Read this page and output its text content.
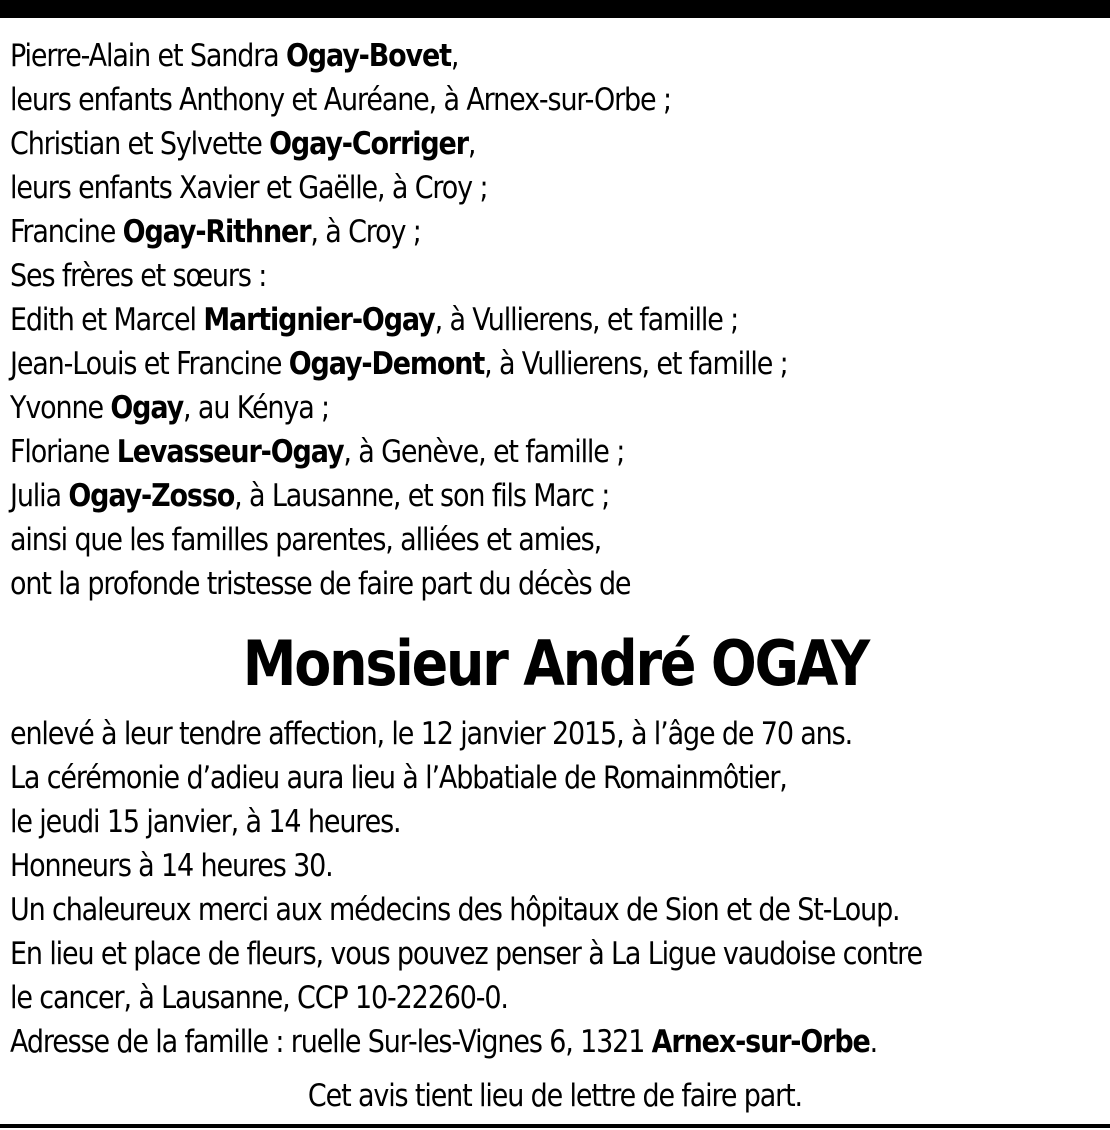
Pierre-Alain et Sandra Ogay-Bovet,
leurs enfants Anthony et Auréane, à Arnex-sur-Orbe ;
Christian et Sylvette Ogay-Corriger,
leurs enfants Xavier et Gaëlle, à Croy ;
Francine Ogay-Rithner, à Croy ;
Ses frères et sœurs :
Edith et Marcel Martignier-Ogay, à Vullierens, et famille ;
Jean-Louis et Francine Ogay-Demont, à Vullierens, et famille ;
Yvonne Ogay, au Kénya ;
Floriane Levasseur-Ogay, à Genève, et famille ;
Julia Ogay-Zosso, à Lausanne, et son fils Marc ;
ainsi que les familles parentes, alliées et amies,
ont la profonde tristesse de faire part du décès de
Monsieur André OGAY
enlevé à leur tendre affection, le 12 janvier 2015, à l’âge de 70 ans.
La cérémonie d’adieu aura lieu à l’Abbatiale de Romainmôtier,
le jeudi 15 janvier, à 14 heures.
Honneurs à 14 heures 30.
Un chaleureux merci aux médecins des hôpitaux de Sion et de St-Loup.
En lieu et place de fleurs, vous pouvez penser à La Ligue vaudoise contre
le cancer, à Lausanne, CCP 10-22260-0.
Adresse de la famille : ruelle Sur-les-Vignes 6, 1321 Arnex-sur-Orbe.
Cet avis tient lieu de lettre de faire part.
